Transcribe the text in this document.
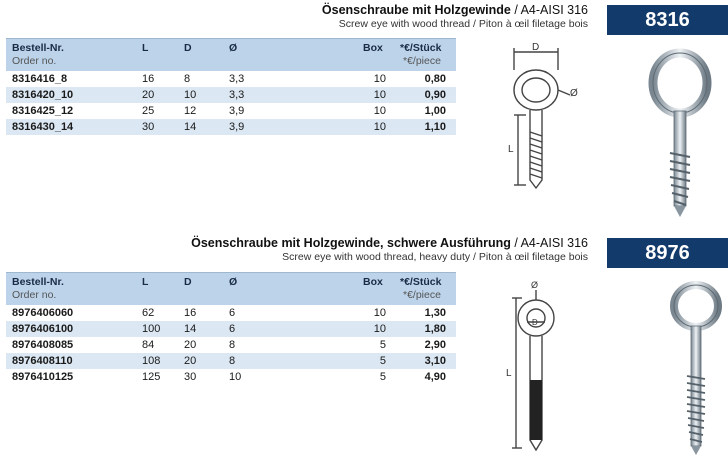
Ösenschraube mit Holzgewinde / A4-AISI 316
Screw eye with wood thread / Piton à œil filetage bois	8316
Bestell-Nr.
Order no.
L	D	Ø	Box *€/Stück
*€/piece
8316416_8	16	8	3,3	10	0,80
8316420_10	20	10	3,3	10	0,90
8316425_12	25	12	3,9	10	1,00
8316430_14	30	14	3,9	10	1,10
D
Ø
L
Ösenschraube mit Holzgewinde, schwere Ausführung / A4-AISI 316
Screw eye with wood thread, heavy duty / Piton à œil filetage bois	8976
Bestell-Nr.
Order no.
L	D	Ø	Box *€/Stück
*€/piece
8976406060	62	16	6	10	1,30
8976406100	100	14	6	10	1,80
8976408085	84	20	8	5	2,90
8976408110	108	20	8	5	3,10
8976410125	125	30	10	5	4,90
Ø
D
L
